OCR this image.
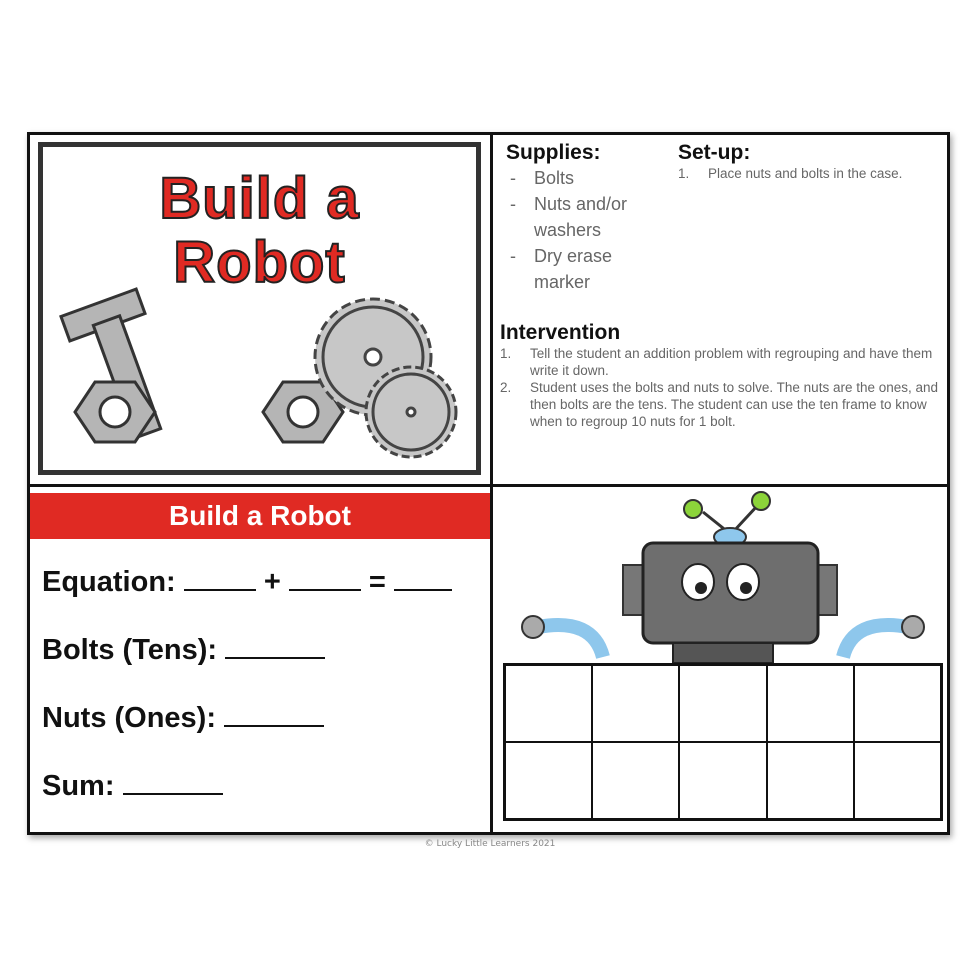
Build a
Robot
Supplies:
- Bolts
- Nuts and/or washers
- Dry erase marker
Set-up:
1.	Place nuts and bolts in the case.
Intervention
1.	Tell the student an addition problem with regrouping and have them write it down.
2.	Student uses the bolts and nuts to solve. The nuts are the ones, and then bolts are the tens. The student can use the ten frame to know when to regroup 10 nuts for 1 bolt.
Build a Robot
Equation:	+	=
Bolts (Tens):
Nuts (Ones):
Sum:
© Lucky Little Learners 2021
